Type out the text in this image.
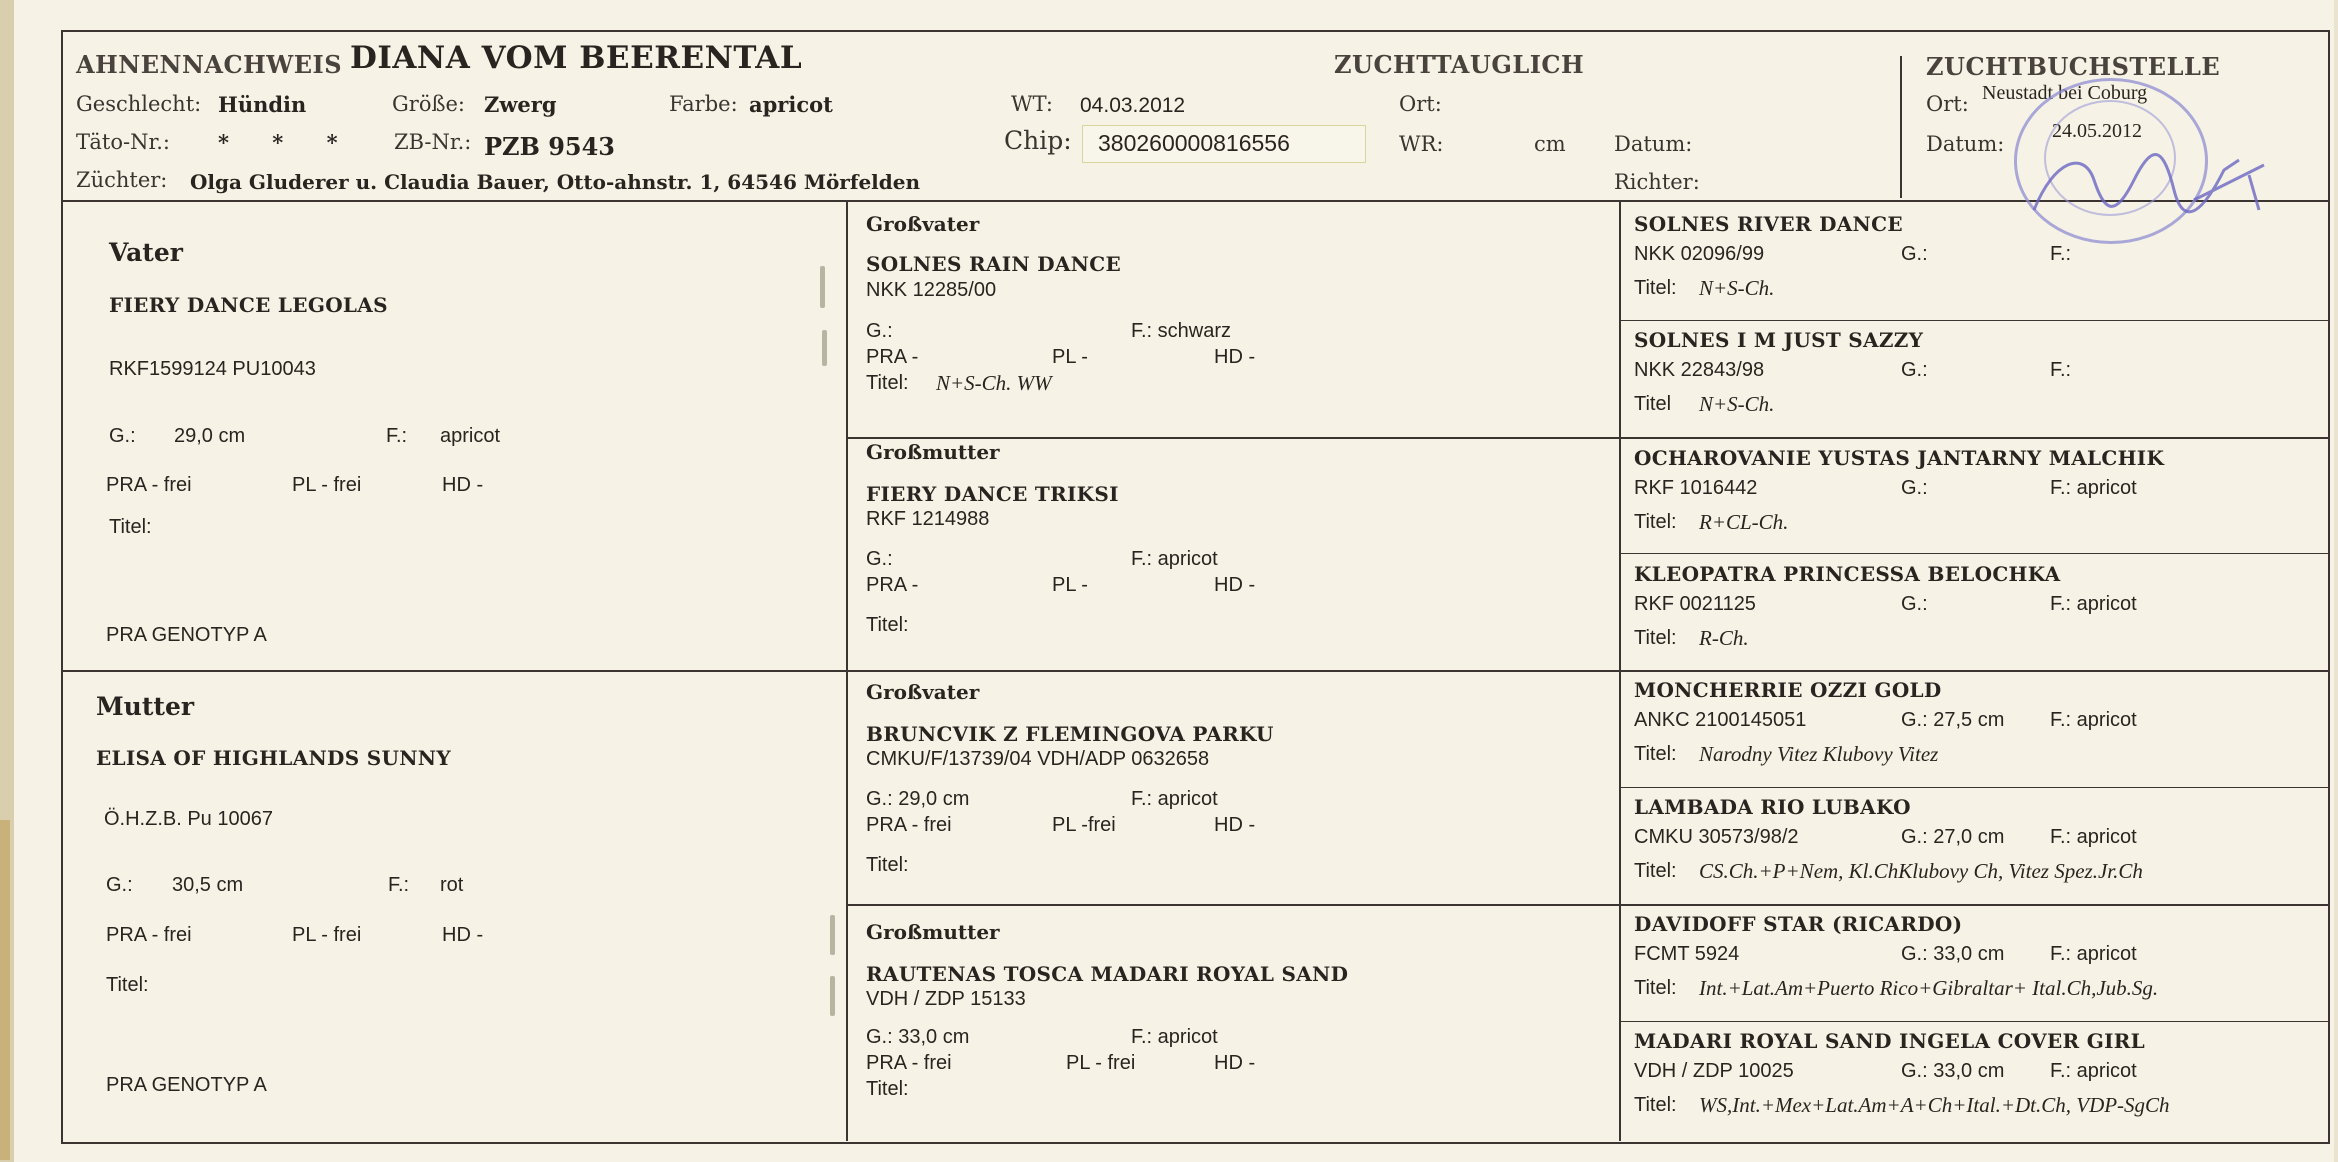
AHNENNACHWEIS DIANA VOM BEERENTAL	ZUCHTTAUGLICH	ZUCHTBUCHSTELLE
Geschlecht: Hündin	Größe: Zwerg	Farbe: apricot	WT: 04.03.2012	Ort:
Täto-Nr.: * * * ZB-Nr.: PZB 9543	Chip: 380260000816556	WR:	cm Datum:
Züchter: Olga Gluderer u. Claudia Bauer, Otto-ahnstr. 1, 64546 Mörfelden	Richter:
Ort: Neustadt bei Coburg
Datum:
24.05.2012
Vater
FIERY DANCE LEGOLAS
RKF1599124 PU10043
G.: 29,0 cm	F.: apricot
PRA - frei	PL - frei	HD -
Titel:
PRA GENOTYP A
Mutter
ELISA OF HIGHLANDS SUNNY
Ö.H.Z.B. Pu 10067
G.: 30,5 cm	F.: rot
PRA - frei	PL - frei	HD -
Titel:
PRA GENOTYP A
Großvater
SOLNES RAIN DANCE
NKK 12285/00
G.:	F.: schwarz
PRA -	PL -	HD -
Titel: N+S-Ch. WW
Großmutter
FIERY DANCE TRIKSI
RKF 1214988
G.:	F.: apricot
PRA -	PL -	HD -
Titel:
Großvater
BRUNCVIK Z FLEMINGOVA PARKU
CMKU/F/13739/04 VDH/ADP 0632658
G.: 29,0 cm	F.: apricot
PRA - frei	PL -frei	HD -
Titel:
Großmutter
RAUTENAS TOSCA MADARI ROYAL SAND
VDH / ZDP 15133
G.: 33,0 cm	F.: apricot
PRA - frei	PL - frei	HD -
Titel:
SOLNES RIVER DANCE
NKK 02096/99	G.:	F.:
Titel: N+S-Ch.
SOLNES I M JUST SAZZY
NKK 22843/98	G.:	F.:
Titel N+S-Ch.
OCHAROVANIE YUSTAS JANTARNY MALCHIK
RKF 1016442	G.:	F.: apricot
Titel: R+CL-Ch.
KLEOPATRA PRINCESSA BELOCHKA
RKF 0021125	G.:	F.: apricot
Titel: R-Ch.
MONCHERRIE OZZI GOLD
ANKC 2100145051	G.: 27,5 cm F.: apricot
Titel: Narodny Vitez Klubovy Vitez
LAMBADA RIO LUBAKO
CMKU 30573/98/2	G.: 27,0 cm F.: apricot
Titel: CS.Ch.+P+Nem, Kl.ChKlubovy Ch, Vitez Spez.Jr.Ch
DAVIDOFF STAR (RICARDO)
FCMT 5924	G.: 33,0 cm F.: apricot
Titel: Int.+Lat.Am+Puerto Rico+Gibraltar+ Ital.Ch,Jub.Sg.
MADARI ROYAL SAND INGELA COVER GIRL
VDH / ZDP 10025	G.: 33,0 cm F.: apricot
Titel: WS,Int.+Mex+Lat.Am+A+Ch+Ital.+Dt.Ch, VDP-SgCh
